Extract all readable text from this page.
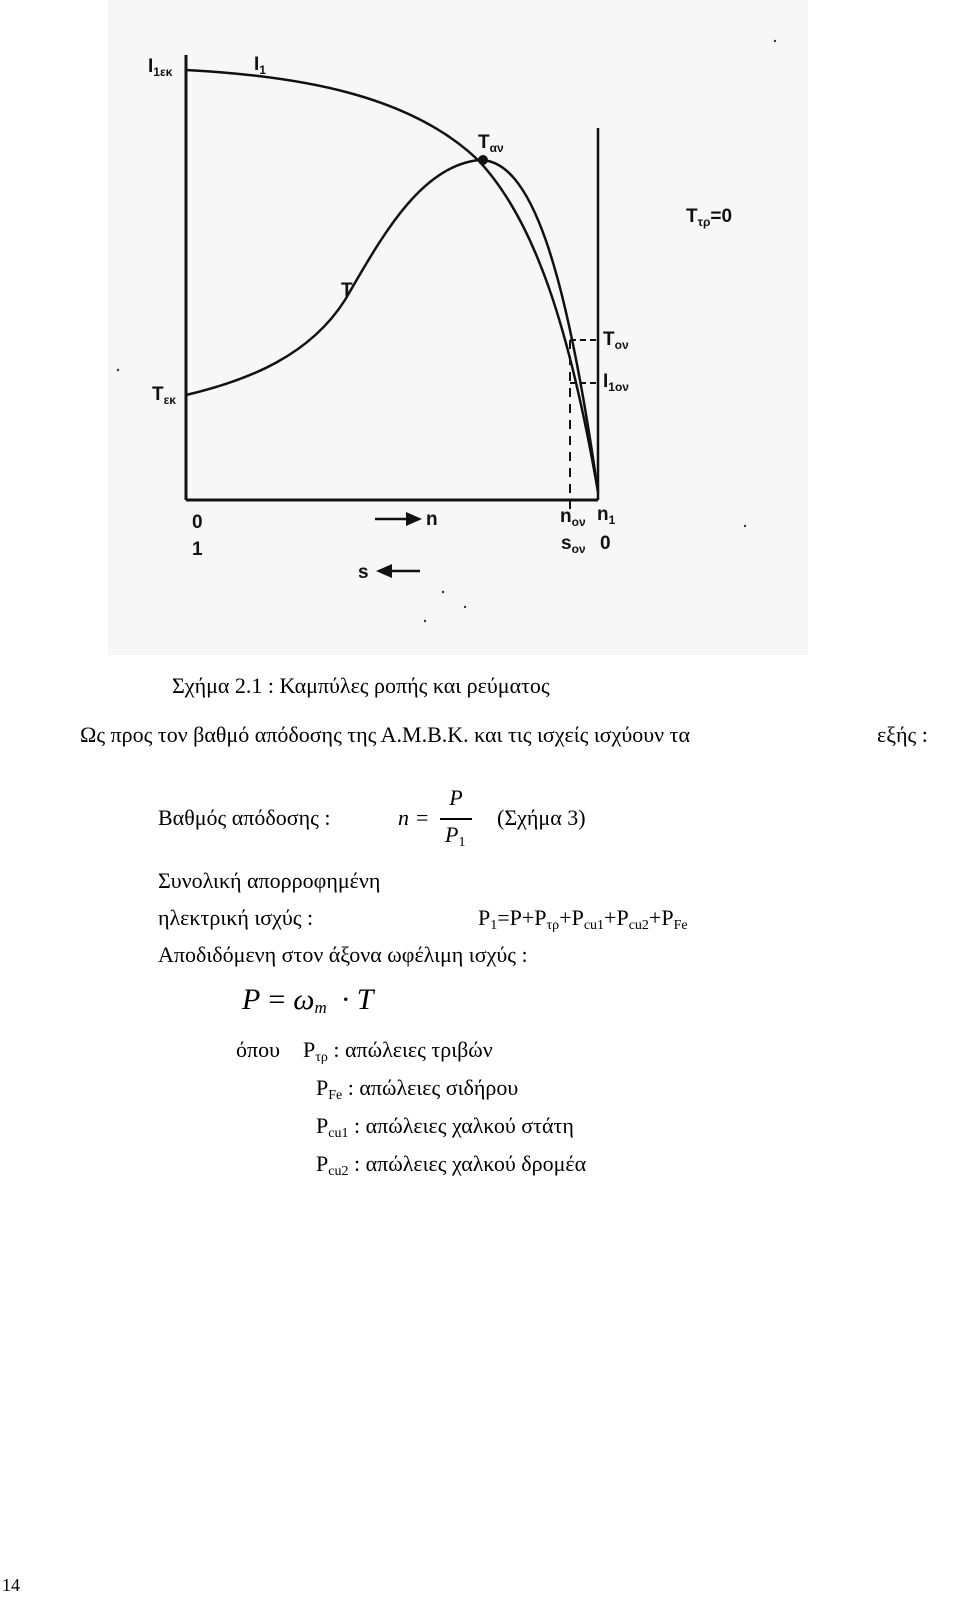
$I_{1\varepsilon\kappa}$	$I_1$
$T_{\alpha\nu}$
$T_{\tau\rho}=0$
T
$T_{\varepsilon\kappa}$
$T_{o\nu}$
$I_{1o\nu}$
0
1
n
s
$n_{o\nu}$ $n_1$
$s_{o\nu}$ 0
Σχήμα 2.1 : Καμπύλες ροπής και ρεύματος
Ως προς τον βαθμό απόδοσης της Α.Μ.Β.Κ. και τις ισχείς ισχύουν τα	εξής :
Βαθμός απόδοσης :	n =
P
$P_1$
(Σχήμα 3)
Συνολική απορροφημένη
ηλεκτρική ισχύς :	$P_1=P+P_{\tau\rho}+P_{cu1}+P_{cu2}+P_{Fe}$
Αποδιδόμενη στον άξονα ωφέλιμη ισχύς :
$P = \omega_m \cdot T$
όπου $P_{\tau\rho}$ : απώλειες τριβών
$P_{Fe}$ : απώλειες σιδήρου
$P_{cu1}$ : απώλειες χαλκού στάτη
$P_{cu2}$ : απώλειες χαλκού δρομέα
14
